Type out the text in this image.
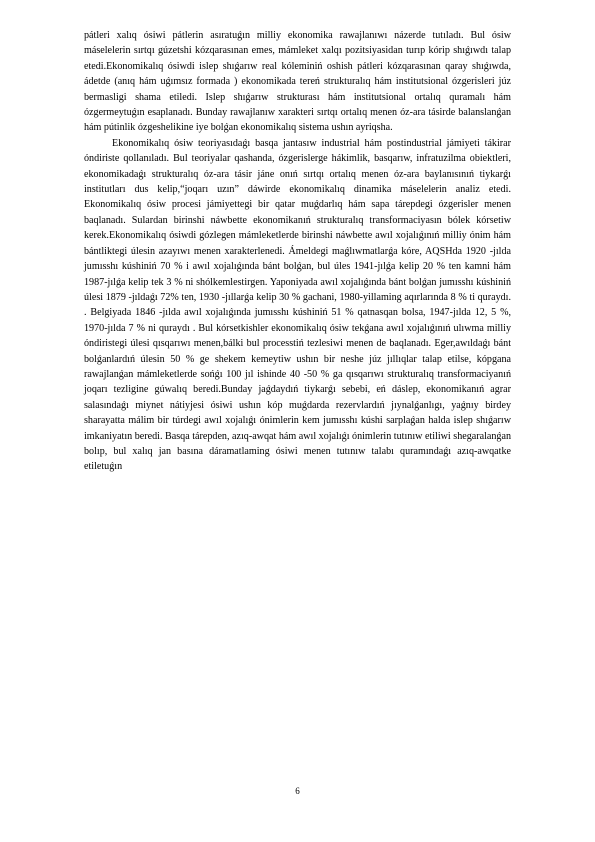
pátleri xalıq ósiwi pátlerin asıratuǵın milliy ekonomika rawajlanıwı názerde tutıladı. Bul ósiw máselelerin sırtqı gúzetshi kózqarasınan emes, mámleket xalqı pozitsiyasidan turıp kórip shıǵıwdı talap etedi.Ekonomikalıq ósiwdi islep shıǵarıw real kóleminiń oshish pátleri kózqarasınan qaray shıǵıwda, ádetde (anıq hám uǵımsız formada ) ekonomikada tereń strukturalıq hám institutsional ózgerisleri júz bermasligi shama etiledi. Islep shıǵarıw strukturası hám institutsional ortalıq quramalı hám ózgermeytuǵın esaplanadı. Bunday rawajlanıw xarakteri sırtqı ortalıq menen óz-ara tásirde balanslanǵan hám pútinlik ózgeshelikine iye bolǵan ekonomikalıq sistema ushın ayriqsha.

Ekonomikalıq ósiw teoriyasıdaǵı basqa jantasıw industrial hám postindustrial jámiyeti tákirar óndiriste qollanıladı. Bul teoriyalar qashanda, ózgerislerge hákimlik, basqarıw, infratuzilma obiektleri, ekonomikadaǵı strukturalıq óz-ara tásir jáne onıń sırtqı ortalıq menen óz-ara baylanısınıń tiykarǵı institutları dus kelip,“joqarı uzın” dáwirde ekonomikalıq dinamika máselelerin analiz etedi. Ekonomikalıq ósiw procesi jámiyettegi bir qatar muǵdarlıq hám sapa tárepdegi ózgerisler menen baqlanadı. Sulardan birinshi náwbette ekonomikanıń strukturalıq transformaciyasın bólek kórsetiw kerek.Ekonomikalıq ósiwdi gózlegen mámleketlerde birinshi náwbette awıl xojalıǵınıń milliy ónim hám bántliktegi úlesin azayıwı menen xarakterlenedi. Ámeldegi maǵlıwmatlarǵa kóre, AQSHda 1920 -jılda jumısshı kúshiniń 70 % i awıl xojalıǵında bánt bolǵan, bul úles 1941-jılǵa kelip 20 % ten kamni hám 1987-jılǵa kelip tek 3 % ni shólkemlestirgen. Yaponiyada awıl xojalıǵında bánt bolǵan jumısshı kúshiniń úlesi 1879 -jıldaǵı 72% ten, 1930 -jıllarǵa kelip 30 % gachani, 1980-yillaming aqırlarında 8 % ti quraydı. . Belgiyada 1846 -jılda awıl xojalıǵında jumısshı kúshiniń 51 % qatnasqan bolsa, 1947-jılda 12, 5 %, 1970-jılda 7 % ni quraydı . Bul kórsetkishler ekonomikalıq ósiw tekǵana awıl xojalıǵınıń ulıwma milliy óndiristegi úlesi qısqarıwı menen,bálki bul processtiń tezlesiwi menen de baqlanadı. Eger,awıldaǵı bánt bolǵanlardıń úlesin 50 % ge shekem kemeytiw ushın bir neshe júz jıllıqlar talap etilse, kópgana rawajlanǵan mámleketlerde sońǵı 100 jıl ishinde 40 -50 % ga qısqarıwı strukturalıq transformaciyanıń joqarı tezligine gúwalıq beredi.Bunday jaǵdaydıń tiykarǵı sebebi, eń dáslep, ekonomikanıń agrar salasındaǵı miynet nátiyjesi ósiwi ushın kóp muǵdarda rezervlardıń jıynalǵanlıgı, yaǵnıy birdey sharayatta málim bir túrdegi awıl xojalıǵı ónimlerin kem jumısshı kúshi sarplaǵan halda islep shıǵarıw imkaniyatın beredi. Basqa tárepden, azıq-awqat hám awıl xojalıǵı ónimlerin tutınıw etiliwi shegaralanǵan bolıp, bul xalıq jan basına dáramatlaming ósiwi menen tutınıw talabı quramındaǵı azıq-awqatke etiletuǵın

6
